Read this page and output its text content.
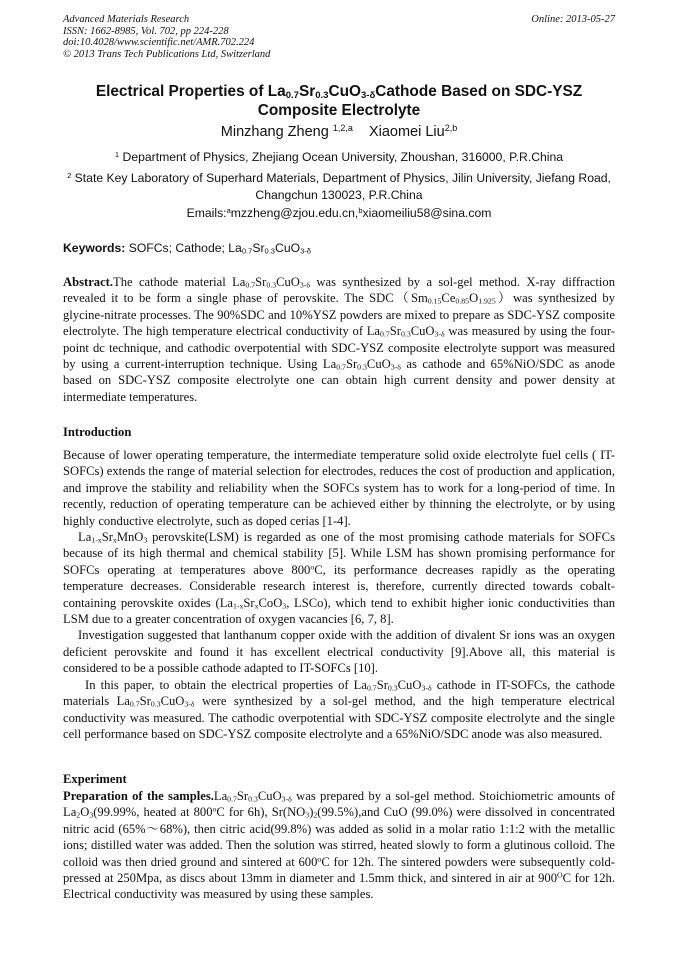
Advanced Materials Research
ISSN: 1662-8985, Vol. 702, pp 224-228
doi:10.4028/www.scientific.net/AMR.702.224
© 2013 Trans Tech Publications Ltd, Switzerland
Online: 2013-05-27
Electrical Properties of $La_{0.7}Sr_{0.3}CuO_{3-\delta}Cathode$ Based on SDC-YSZ Composite Electrolyte
Minzhang Zheng $^{1,2,a}$ Xiaomei Liu$^{2,b}$
$^1$ Department of Physics, Zhejiang Ocean University, Zhoushan, 316000, P.R.China
$^2$ State Key Laboratory of Superhard Materials, Department of Physics, Jilin University, Jiefang Road, Changchun 130023, P.R.China
Emails:$^a$mzzheng@zjou.edu.cn,$^b$xiaomeiliu58@sina.com
Keywords: SOFCs; Cathode; $La_{0.7}Sr_{0.3}CuO_{3-\delta}$

Abstract.The cathode material $La_{0.7}Sr_{0.3}CuO_{3-\delta}$ was synthesized by a sol-gel method. X-ray diffraction revealed it to be form a single phase of perovskite. The $SDC(Sm_{0.15}Ce_{0.85}O_{1.925})was$ synthesized by glycine-nitrate processes. The 90%SDC and 10%YSZ powders are mixed to prepare as SDC-YSZ composite electrolyte. The high temperature electrical conductivity of $La_{0.7}Sr_{0.3}CuO_{3-\delta}$ was measured by using the four-point dc technique, and cathodic overpotential with SDC-YSZ composite electrolyte support was measured by using a current-interruption technique. Using $La_{0.7}Sr_{0.3}CuO_{3-\delta}$ as cathode and 65%NiO/SDC as anode based on SDC-YSZ composite electrolyte one can obtain high current density and power density at intermediate temperatures.

Introduction

Because of lower operating temperature, the intermediate temperature solid oxide electrolyte fuel cells ( IT-SOFCs) extends the range of material selection for electrodes, reduces the cost of production and application, and improve the stability and reliability when the SOFCs system has to work for a long-period of time. In recently, reduction of operating temperature can be achieved either by thinning the electrolyte, or by using highly conductive electrolyte, such as doped cerias [1-4].

$La_{1-x}Sr_xMnO_3$ perovskite(LSM) is regarded as one of the most promising cathode materials for SOFCs because of its high thermal and chemical stability [5]. While LSM has shown promising performance for SOFCs operating at temperatures above 800$^o$C, its performance decreases rapidly as the operating temperature decreases. Considerable research interest is, therefore, currently directed towards cobalt-containing perovskite oxides ($La_{1-x}Sr_xCoO_3$, LSCo), which tend to exhibit higher ionic conductivities than LSM due to a greater concentration of oxygen vacancies [6, 7, 8].

Investigation suggested that lanthanum copper oxide with the addition of divalent Sr ions was an oxygen deficient perovskite and found it has excellent electrical conductivity [9].Above all, this material is considered to be a possible cathode adapted to IT-SOFCs [10].

In this paper, to obtain the electrical properties of $La_{0.7}Sr_{0.3}CuO_{3-\delta}$ cathode in IT-SOFCs, the cathode materials $La_{0.7}Sr_{0.3}CuO_{3-\delta}$ were synthesized by a sol-gel method, and the high temperature electrical conductivity was measured. The cathodic overpotential with SDC-YSZ composite electrolyte and the single cell performance based on SDC-YSZ composite electrolyte and a 65%NiO/SDC anode was also measured.

Experiment

Preparation of the $samples.La_{0.7}Sr_{0.3}CuO_{3-\delta}$ was prepared by a sol-gel method. Stoichiometric amounts of $La_2O_3(99.99\%$, heated at 800$^o$C for 6h), $Sr(NO_3)_2(99.5\%),and$ CuO (99.0%) were dissolved in concentrated nitric acid (65%～68%), then citric acid(99.8%) was added as solid in a molar ratio 1:1:2 with the metallic ions; distilled water was added. Then the solution was stirred, heated slowly to form a glutinous colloid. The colloid was then dried ground and sintered at 600$^o$C for 12h. The sintered powders were subsequently cold-pressed at 250Mpa, as discs about 13mm in diameter and 1.5mm thick, and sintered in air at $900^OC$ for 12h. Electrical conductivity was measured by using these samples.
